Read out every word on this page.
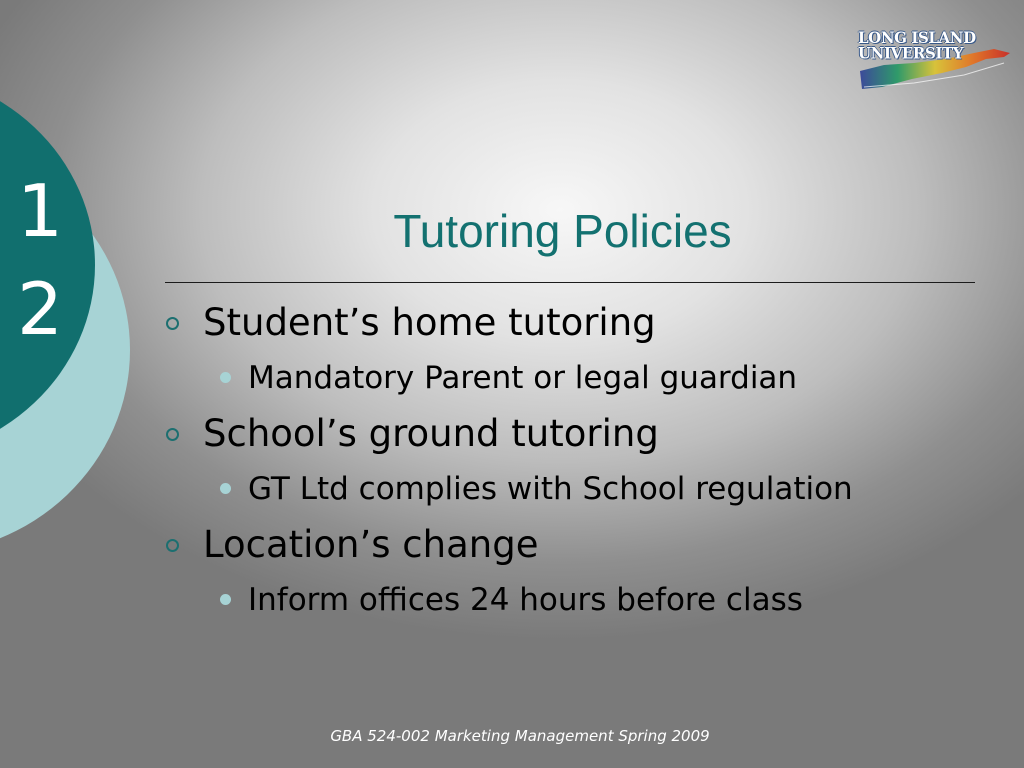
1
2
LONG ISLAND
UNIVERSITY
Tutoring Policies
Student’s home tutoring
Mandatory Parent or legal guardian
School’s ground tutoring
GT Ltd complies with School regulation
Location’s change
Inform offices 24 hours before class
GBA 524-002 Marketing Management Spring 2009
